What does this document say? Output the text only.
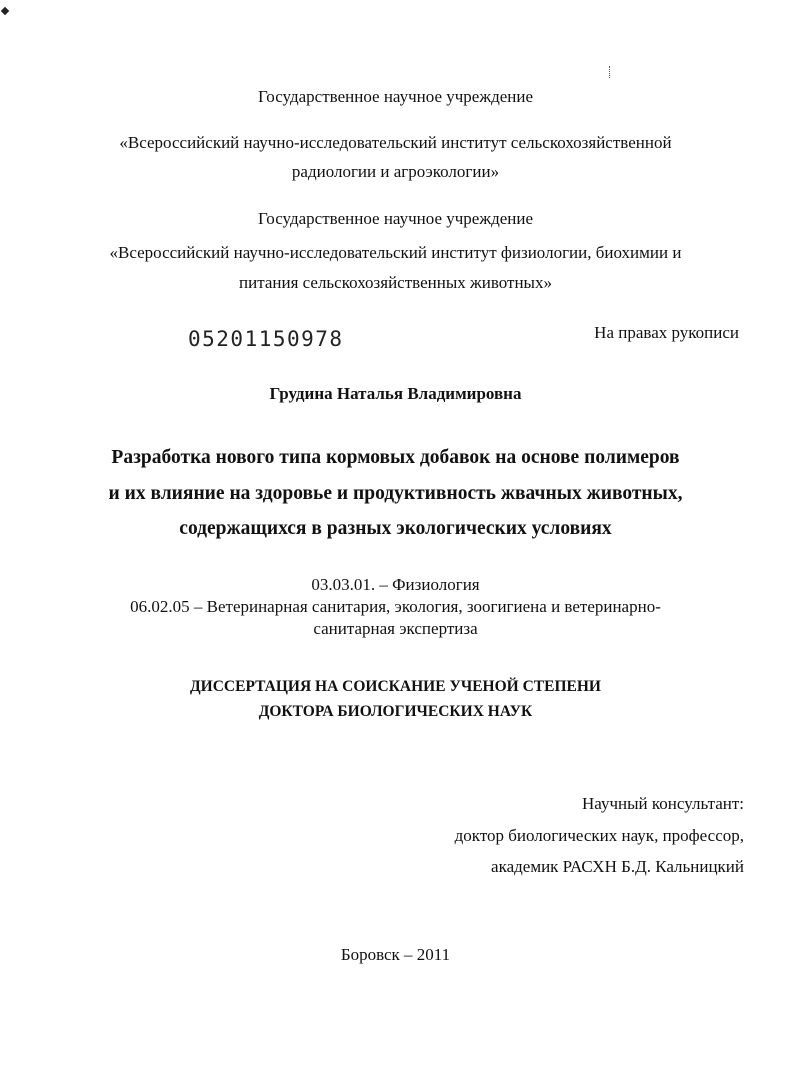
Государственное научное учреждение
«Всероссийский научно-исследовательский институт сельскохозяйственной
радиологии и агроэкологии»
Государственное научное учреждение
«Всероссийский научно-исследовательский институт физиологии, биохимии и
питания сельскохозяйственных животных»
05201150978	На правах рукописи
Грудина Наталья Владимировна
Разработка нового типа кормовых добавок на основе полимеров
и их влияние на здоровье и продуктивность жвачных животных,
содержащихся в разных экологических условиях
03.03.01. – Физиология
06.02.05 – Ветеринарная санитария, экология, зоогигиена и ветеринарно-
санитарная экспертиза
ДИССЕРТАЦИЯ НА СОИСКАНИЕ УЧЕНОЙ СТЕПЕНИ
ДОКТОРА БИОЛОГИЧЕСКИХ НАУК
Научный консультант:
доктор биологических наук, профессор,
академик РАСХН Б.Д. Кальницкий
Боровск – 2011
